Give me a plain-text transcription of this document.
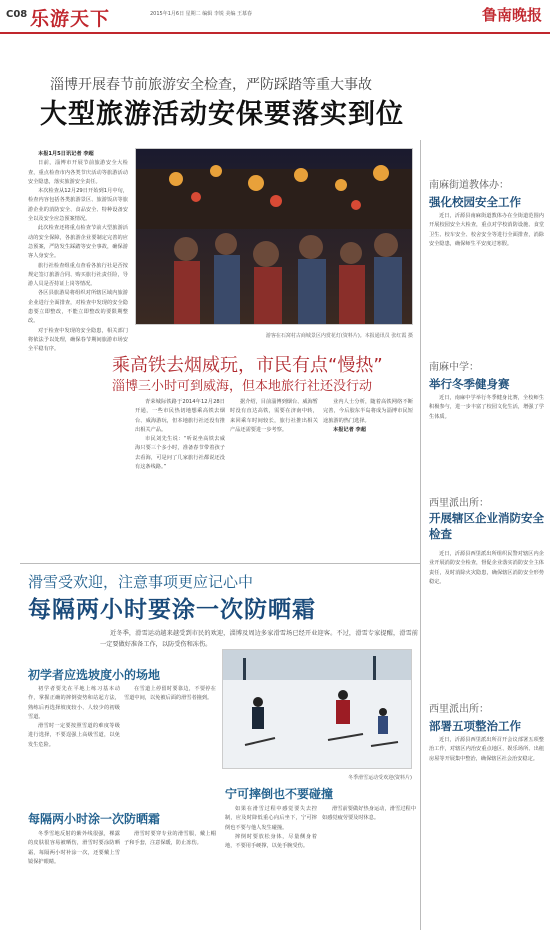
C08 乐游天下	2015年1月6日 星期二 编辑 李锐 美编 王慕春	鲁南晚报
淄博开展春节前旅游安全检查，严防踩踏等重大事故
大型旅游活动安保要落实到位

本报1月5日讯记者 李超

日前，淄博市开展节前旅游安全大检查，重点检查市内各类节庆活动等旅游活动安全隐患，落实旅游安全责任。

本次检查从12月29日开始到1月中旬，检查内容包括各类旅游景区、旅游饭店等旅游企业的消防安全、食品安全、特种设备安全以及安全应急预案情况。

此次检查还将重点检查节前大型旅游活动的安全保障，各旅游企业要制定完善的应急预案，严防发生踩踏等安全事故，确保游客人身安全。

旅行社检查组重点查看各旅行社是否按规定签订旅游合同、购买旅行社责任险，导游人员是否持证上岗等情况。

各区县旅游局将组织对所辖区域内旅游企业进行全面排查，对检查中发现的安全隐患要立即整改，不能立即整改的要限期整改。

对于检查中发现的安全隐患，相关部门将依法予以处理，确保春节期间旅游市场安全平稳有序。

游客在石窝村古商城景区内赏花灯(资料片)。本报通讯员 张红霞 摄
乘高铁去烟威玩，市民有点“慢热”
淄博三小时可到威海，但本地旅行社还没行动

青荣城际铁路于2014年12月28日开通，一些市民热切地想乘高铁去烟台、威海游玩，但本地旅行社还没有推出相关产品。

市民刘先生说：“听说坐高铁去威海只要三个多小时，准备春节带着孩子去看海，可是问了几家旅行社都说还没有这条线路。”

据介绍，目前淄博到烟台、威海暂时没有直达高铁，需要在济南中转，来回乘车时间较长，旅行社推出相关产品还需要进一步考察。

业内人士分析，随着高铁网络不断完善，今后胶东半岛将成为淄博市民短途旅游的热门选择。

本报记者 李超

滑雪受欢迎，注意事项更应记心中
每隔两小时要涂一次防晒霜

近冬季，滑雪运动越来越受到市民的欢迎，淄博及周边多家滑雪场已经开业迎客。不过，滑雪专家提醒，滑雪前一定要做好准备工作，以防受伤和冻伤。

初学者应选坡度小的场地

初学者要先在平地上练习基本动作，掌握正确的摔倒姿势和站起方法，熟练后再选择坡度较小、人较少的初级雪道。

滑雪时一定要按照雪道的难度等级进行选择，不要逞强上高级雪道，以免发生危险。

在雪道上停留时要靠边，不要停在雪道中间，以免被后面的滑雪者撞到。

每隔两小时涂一次防晒霜

冬季雪地反射的紫外线很强，裸露的皮肤很容易被晒伤，滑雪时要涂防晒霜，每隔两小时补涂一次，还要戴上雪镜保护眼睛。

滑雪时要穿专业的滑雪服，戴上帽子和手套，注意保暖，防止冻伤。

冬季滑雪运动受欢迎(资料片)
宁可摔倒也不要碰撞

如果在滑雪过程中感觉要失去控制，应及时降低重心向后坐下，宁可摔倒也不要与他人发生碰撞。

摔倒时要放松身体，尽量侧身着地，不要用手硬撑，以免手腕受伤。

滑雪前要做好热身运动，滑雪过程中如感觉疲劳要及时休息。

南麻街道教体办：
强化校园安全工作

近日，沂源县南麻街道教体办在全街道范围内开展校园安全大检查，重点对学校消防设施、食堂卫生、校车安全、校舍安全等进行全面排查，消除安全隐患，确保师生平安度过寒假。

南麻中学：
举行冬季健身赛

近日，南麻中学举行冬季健身比赛，全校师生积极参与，进一步丰富了校园文化生活，增强了学生体质。

西里派出所：
开展辖区企业消防安全检查

近日，沂源县西里派出所组织民警对辖区内企业开展消防安全检查，督促企业落实消防安全主体责任，及时消除火灾隐患，确保辖区消防安全形势稳定。

西里派出所：
部署五项整治工作

近日，沂源县西里派出所召开会议部署五项整治工作，对辖区内治安重点地区、娱乐场所、出租房屋等开展集中整治，确保辖区社会治安稳定。
